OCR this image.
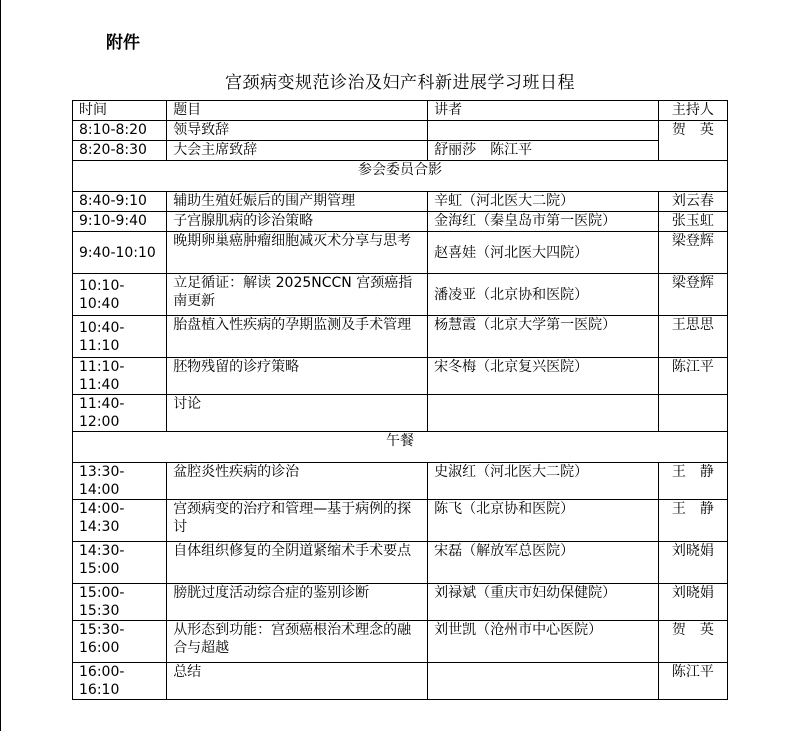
附件
宫颈病变规范诊治及妇产科新进展学习班日程
时间	题目	讲者	主持人
8:10-8:20	领导致辞		贺　英
8:20-8:30	大会主席致辞	舒丽莎　陈江平	
参会委员合影			
8:40-9:10	辅助生殖妊娠后的围产期管理	辛虹（河北医大二院）	刘云春
9:10-9:40	子宫腺肌病的诊治策略	金海红（秦皇岛市第一医院）	张玉虹
9:40-10:10	晚期卵巢癌肿瘤细胞减灭术分享与思考	赵喜娃（河北医大四院）	梁登辉
10:10-10:40	立足循证：解读 2025NCCN 宫颈癌指南更新	潘凌亚（北京协和医院）	梁登辉
10:40-11:10	胎盘植入性疾病的孕期监测及手术管理	杨慧霞（北京大学第一医院）	王思思
11:10-11:40	胚物残留的诊疗策略	宋冬梅（北京复兴医院）	陈江平
11:40-12:00	讨论		
午餐			
13:30-14:00	盆腔炎性疾病的诊治	史淑红（河北医大二院）	王　静
14:00-14:30	宫颈病变的治疗和管理—基于病例的探讨	陈飞（北京协和医院）	王　静
14:30-15:00	自体组织修复的全阴道紧缩术手术要点	宋磊（解放军总医院）	刘晓娟
15:00-15:30	膀胱过度活动综合症的鉴别诊断	刘禄斌（重庆市妇幼保健院）	刘晓娟
15:30-16:00	从形态到功能：宫颈癌根治术理念的融合与超越	刘世凯（沧州市中心医院）	贺　英
16:00-16:10	总结		陈江平
